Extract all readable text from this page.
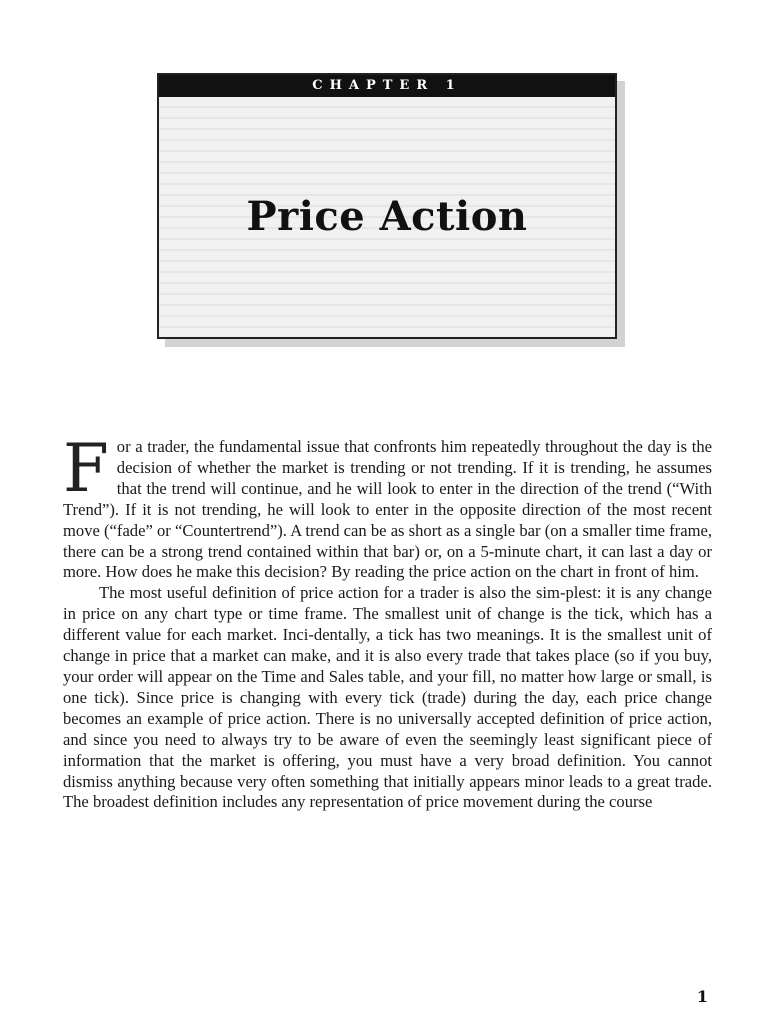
CHAPTER 1
Price Action

For a trader, the fundamental issue that confronts him repeatedly throughout the day is the decision of whether the market is trending or not trending. If it is trending, he assumes that the trend will continue, and he will look to enter in the direction of the trend (“With Trend”). If it is not trending, he will look to enter in the opposite direction of the most recent move (“fade” or “Countertrend”). A trend can be as short as a single bar (on a smaller time frame, there can be a strong trend contained within that bar) or, on a 5-minute chart, it can last a day or more. How does he make this decision? By reading the price action on the chart in front of him.

The most useful definition of price action for a trader is also the sim-plest: it is any change in price on any chart type or time frame. The smallest unit of change is the tick, which has a different value for each market. Inci-dentally, a tick has two meanings. It is the smallest unit of change in price that a market can make, and it is also every trade that takes place (so if you buy, your order will appear on the Time and Sales table, and your fill, no matter how large or small, is one tick). Since price is changing with every tick (trade) during the day, each price change becomes an example of price action. There is no universally accepted definition of price action, and since you need to always try to be aware of even the seemingly least significant piece of information that the market is offering, you must have a very broad definition. You cannot dismiss anything because very often something that initially appears minor leads to a great trade. The broadest definition includes any representation of price movement during the course

1
